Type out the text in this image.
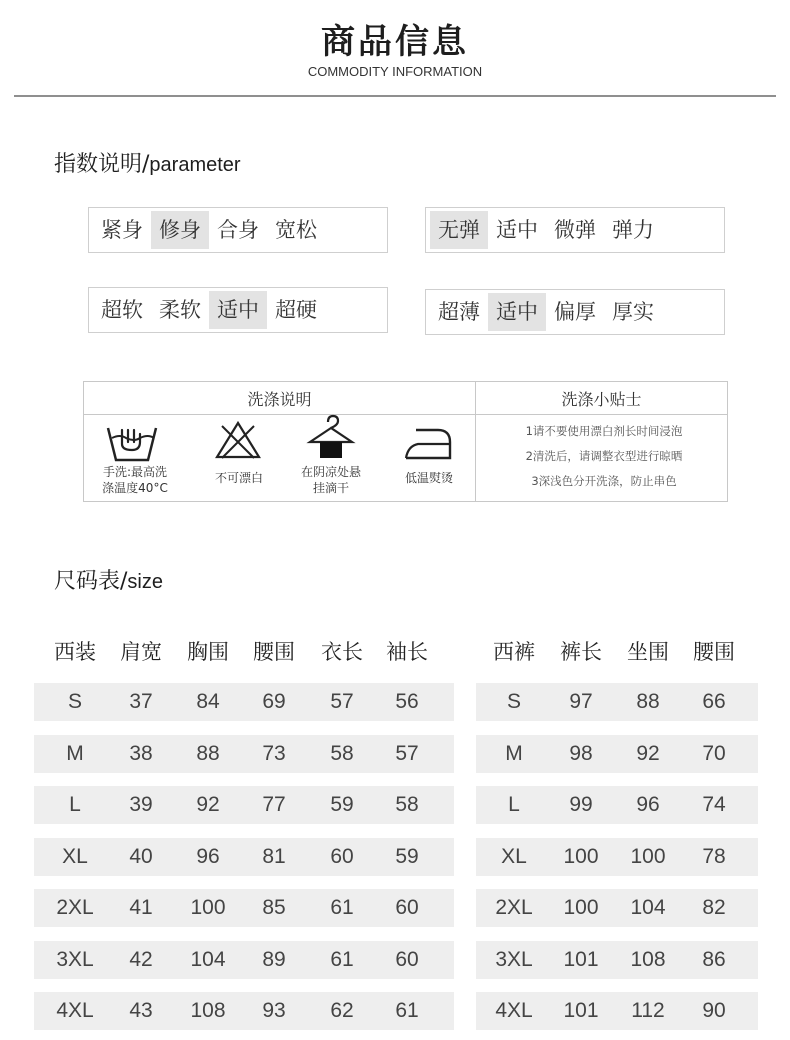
商品信息
COMMODITY INFORMATION
指数说明/parameter
紧身 修身 合身 宽松	无弹 适中 微弹 弹力
超软 柔软 适中 超硬	超薄 适中 偏厚 厚实
洗涤说明	洗涤小贴士
手洗:最高洗
涤温度40°C
不可漂白	在阴凉处悬
挂滴干
低温熨烫
1请不要使用漂白剂长时间浸泡
2清洗后，请调整衣型进行晾晒
3深浅色分开洗涤，防止串色
尺码表/size
西装	肩宽	胸围	腰围	衣长	袖长
S	37	84	69	57	56
M	38	88	73	58	57
L	39	92	77	59	58
XL	40	96	81	60	59
2XL	41	100	85	61	60
3XL	42	104	89	61	60
4XL	43	108	93	62	61
西裤	裤长	坐围	腰围
S	97	88	66
M	98	92	70
L	99	96	74
XL	100	100	78
2XL	100	104	82
3XL	101	108	86
4XL	101	112	90
